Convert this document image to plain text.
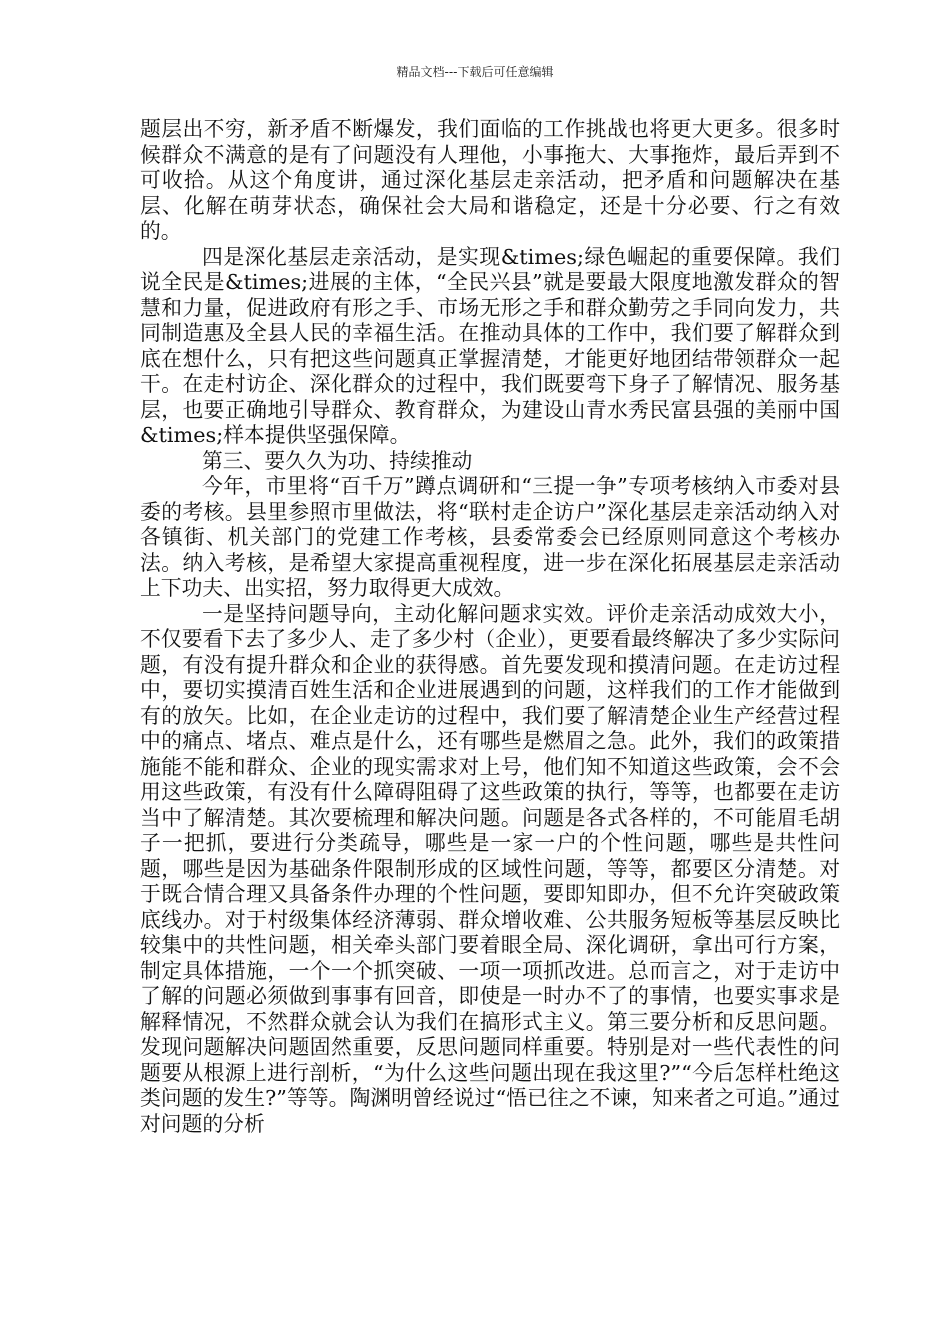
精品文档---下载后可任意编辑

题层出不穷，新矛盾不断爆发，我们面临的工作挑战也将更大更多。很多时候群众不满意的是有了问题没有人理他，小事拖大、大事拖炸，最后弄到不可收拾。从这个角度讲，通过深化基层走亲活动，把矛盾和问题解决在基层、化解在萌芽状态，确保社会大局和谐稳定，还是十分必要、行之有效的。

四是深化基层走亲活动，是实现&times;绿色崛起的重要保障。我们说全民是&times;进展的主体，“全民兴县”就是要最大限度地激发群众的智慧和力量，促进政府有形之手、市场无形之手和群众勤劳之手同向发力，共同制造惠及全县人民的幸福生活。在推动具体的工作中，我们要了解群众到底在想什么，只有把这些问题真正掌握清楚，才能更好地团结带领群众一起干。在走村访企、深化群众的过程中，我们既要弯下身子了解情况、服务基层，也要正确地引导群众、教育群众，为建设山青水秀民富县强的美丽中国&times;样本提供坚强保障。

第三、要久久为功、持续推动

今年，市里将“百千万”蹲点调研和“三提一争”专项考核纳入市委对县委的考核。县里参照市里做法，将“联村走企访户”深化基层走亲活动纳入对各镇街、机关部门的党建工作考核，县委常委会已经原则同意这个考核办法。纳入考核，是希望大家提高重视程度，进一步在深化拓展基层走亲活动上下功夫、出实招，努力取得更大成效。

一是坚持问题导向，主动化解问题求实效。评价走亲活动成效大小，不仅要看下去了多少人、走了多少村（企业），更要看最终解决了多少实际问题，有没有提升群众和企业的获得感。首先要发现和摸清问题。在走访过程中，要切实摸清百姓生活和企业进展遇到的问题，这样我们的工作才能做到有的放矢。比如，在企业走访的过程中，我们要了解清楚企业生产经营过程中的痛点、堵点、难点是什么，还有哪些是燃眉之急。此外，我们的政策措施能不能和群众、企业的现实需求对上号，他们知不知道这些政策，会不会用这些政策，有没有什么障碍阻碍了这些政策的执行，等等，也都要在走访当中了解清楚。其次要梳理和解决问题。问题是各式各样的，不可能眉毛胡子一把抓，要进行分类疏导，哪些是一家一户的个性问题，哪些是共性问题，哪些是因为基础条件限制形成的区域性问题，等等，都要区分清楚。对于既合情合理又具备条件办理的个性问题，要即知即办，但不允许突破政策底线办。对于村级集体经济薄弱、群众增收难、公共服务短板等基层反映比较集中的共性问题，相关牵头部门要着眼全局、深化调研，拿出可行方案，制定具体措施，一个一个抓突破、一项一项抓改进。总而言之，对于走访中了解的问题必须做到事事有回音，即使是一时办不了的事情，也要实事求是解释情况，不然群众就会认为我们在搞形式主义。第三要分析和反思问题。发现问题解决问题固然重要，反思问题同样重要。特别是对一些代表性的问题要从根源上进行剖析，“为什么这些问题出现在我这里?”“今后怎样杜绝这类问题的发生?”等等。陶渊明曾经说过“悟已往之不谏，知来者之可追。”通过对问题的分析
